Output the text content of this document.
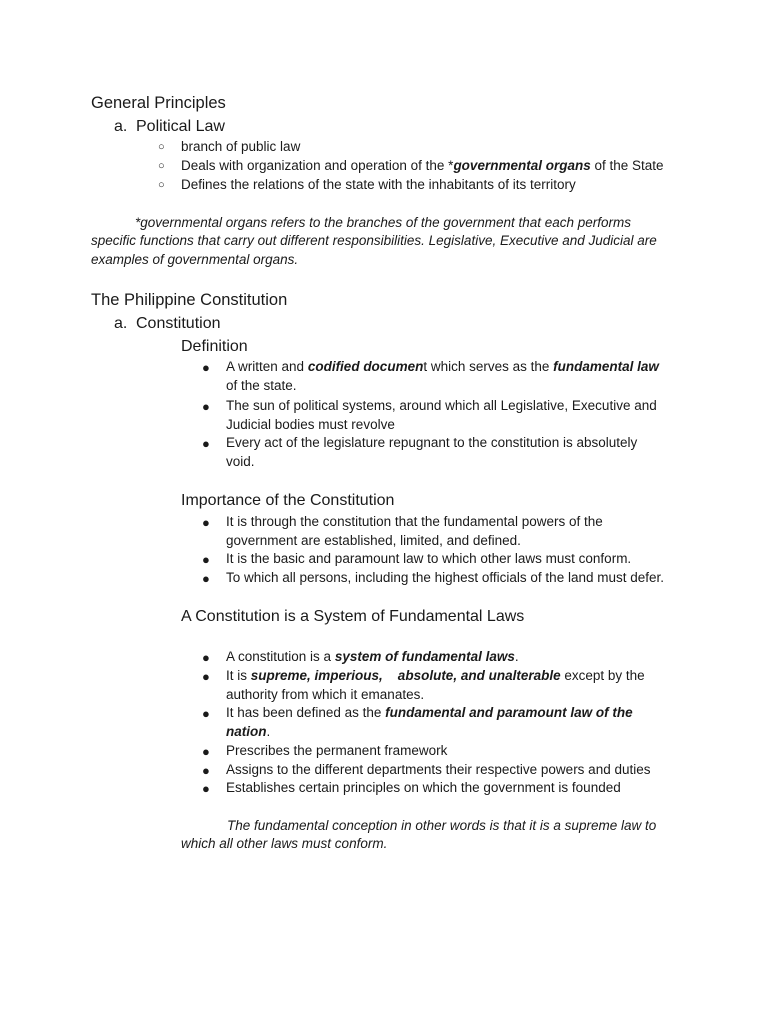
General Principles
a. Political Law
○ branch of public law
○ Deals with organization and operation of the *governmental organs of the State
○ Defines the relations of the state with the inhabitants of its territory
*governmental organs refers to the branches of the government that each performs
specific functions that carry out different responsibilities. Legislative, Executive and Judicial are
examples of governmental organs.
The Philippine Constitution
a. Constitution
Definition
● A written and codified document which serves as the fundamental law
of the state.
● The sun of political systems, around which all Legislative, Executive and
Judicial bodies must revolve
● Every act of the legislature repugnant to the constitution is absolutely
void.
Importance of the Constitution
● It is through the constitution that the fundamental powers of the
government are established, limited, and defined.
● It is the basic and paramount law to which other laws must conform.
● To which all persons, including the highest officials of the land must defer.
A Constitution is a System of Fundamental Laws
● A constitution is a system of fundamental laws.
● It is supreme, imperious,    absolute, and unalterable except by the
authority from which it emanates.
● It has been defined as the fundamental and paramount law of the
nation.
● Prescribes the permanent framework
● Assigns to the different departments their respective powers and duties
● Establishes certain principles on which the government is founded
The fundamental conception in other words is that it is a supreme law to
which all other laws must conform.
